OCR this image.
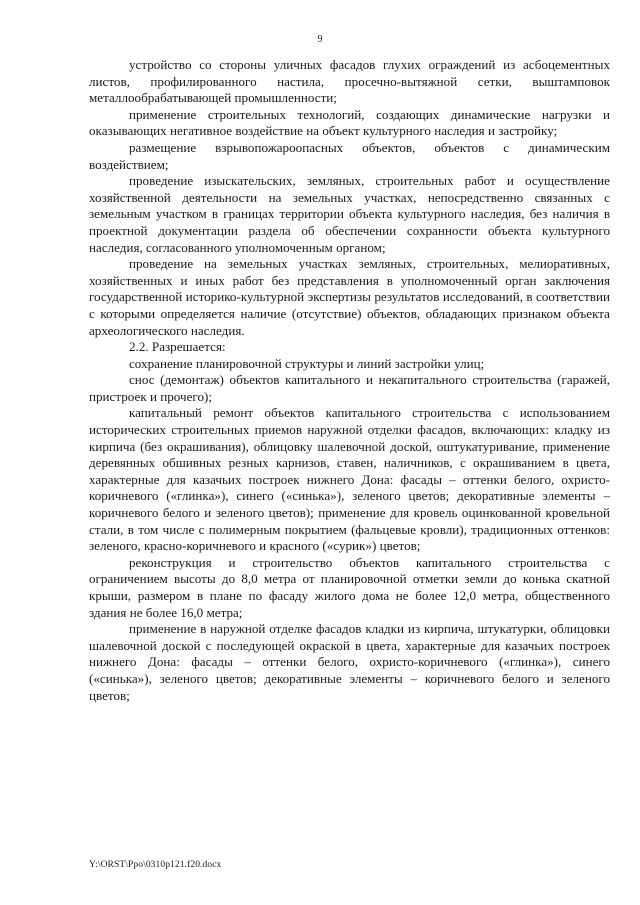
9

устройство со стороны уличных фасадов глухих ограждений из асбоцементных листов, профилированного настила, просечно-вытяжной сетки, выштамповок металлообрабатывающей промышленности;

применение строительных технологий, создающих динамические нагрузки и оказывающих негативное воздействие на объект культурного наследия и застройку;

размещение взрывопожароопасных объектов, объектов с динамическим воздействием;

проведение изыскательских, земляных, строительных работ и осуществление хозяйственной деятельности на земельных участках, непосредственно связанных с земельным участком в границах территории объекта культурного наследия, без наличия в проектной документации раздела об обеспечении сохранности объекта культурного наследия, согласованного уполномоченным органом;

проведение на земельных участках земляных, строительных, мелиоративных, хозяйственных и иных работ без представления в уполномоченный орган заключения государственной историко-культурной экспертизы результатов исследований, в соответствии с которыми определяется наличие (отсутствие) объектов, обладающих признаком объекта археологического наследия.

2.2. Разрешается:

сохранение планировочной структуры и линий застройки улиц;

снос (демонтаж) объектов капитального и некапитального строительства (гаражей, пристроек и прочего);

капитальный ремонт объектов капитального строительства с использованием исторических строительных приемов наружной отделки фасадов, включающих: кладку из кирпича (без окрашивания), облицовку шалевочной доской, оштукатуривание, применение деревянных обшивных резных карнизов, ставен, наличников, с окрашиванием в цвета, характерные для казачьих построек нижнего Дона: фасады – оттенки белого, охристо-коричневого («глинка»), синего («синька»), зеленого цветов; декоративные элементы – коричневого белого и зеленого цветов); применение для кровель оцинкованной кровельной стали, в том числе с полимерным покрытием (фальцевые кровли), традиционных оттенков: зеленого, красно-коричневого и красного («сурик») цветов;

реконструкция и строительство объектов капитального строительства с ограничением высоты до 8,0 метра от планировочной отметки земли до конька скатной крыши, размером в плане по фасаду жилого дома не более 12,0 метра, общественного здания не более 16,0 метра;

применение в наружной отделке фасадов кладки из кирпича, штукатурки, облицовки шалевочной доской с последующей окраской в цвета, характерные для казачьих построек нижнего Дона: фасады – оттенки белого, охристо-коричневого («глинка»), синего («синька»), зеленого цветов; декоративные элементы – коричневого белого и зеленого цветов;

Y:\ORST\Ppo\0310p121.f20.docx
